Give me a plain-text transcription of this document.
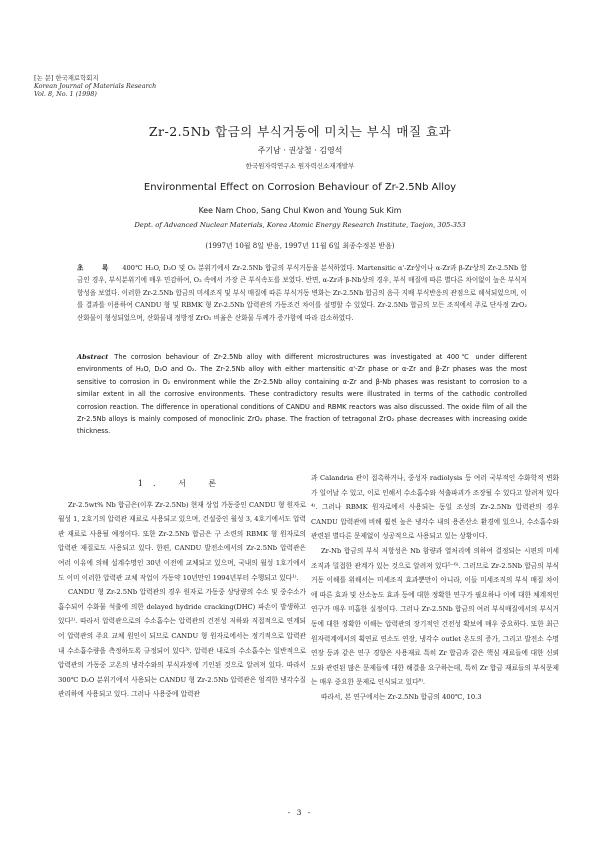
[논 문] 한국재료학회지
Korean Journal of Materials Research
Vol. 8, No. 1 (1998)
Zr-2.5Nb 합금의 부식거동에 미치는 부식 매질 효과
주기남 · 권상철 · 김영석
한국원자력연구소 원자력신소재개발부
Environmental Effect on Corrosion Behaviour of Zr-2.5Nb Alloy
Kee Nam Choo, Sang Chul Kwon and Young Suk Kim
Dept. of Advanced Nuclear Materials, Korea Atomic Energy Research Institute, Taejon, 305-353
(1997년 10월 8일 받음, 1997년 11월 6일 최종수정본 받음)
초 록 400℃ H₂O, D₂O 및 O₂ 분위기에서 Zr-2.5Nb 합금의 부식거동을 분석하였다. Martensitic α'-Zr상이나 α-Zr과 β-Zr상의 Zr-2.5Nb 합금인 경우, 부식분위기에 매우 민감하여, O₂ 속에서 가장 큰 부식속도를 보였다. 반면, α-Zr과 β-Nb상의 경우, 부식 매질에 따른 별다른 차이없이 높은 부식저항성을 보였다. 이러한 Zr-2.5Nb 합금의 미세조직 및 부식 매질에 따른 부식거동 변화는 Zr-2.5Nb 합금의 음극 지배 부식반응의 관점으로 해석되었으며, 이를 결과를 이용하여 CANDU 형 및 RBMK 형 Zr-2.5Nb 압력관의 가동조건 차이를 설명할 수 있었다. Zr-2.5Nb 합금의 모든 조직에서 주로 단사정 ZrO₂ 산화물이 형성되었으며, 산화물내 정방정 ZrO₂ 비율은 산화물 두께가 증가함에 따라 감소하였다.
Abstract The corrosion behaviour of Zr-2.5Nb alloy with different microstructures was investigated at 400℃ under different environments of H₂O, D₂O and O₂. The Zr-2.5Nb alloy with either martensitic α'-Zr phase or α-Zr and β-Zr phases was the most sensitive to corrosion in O₂ environment while the Zr-2.5Nb alloy containing α-Zr and β-Nb phases was resistant to corrosion to a similar extent in all the corrosive environments. These contradictory results were illustrated in terms of the cathodic controlled corrosion reaction. The difference in operational conditions of CANDU and RBMK reactors was also discussed. The oxide film of all the Zr-2.5Nb alloys is mainly composed of monoclinic ZrO₂ phase. The fraction of tetragonal ZrO₂ phase decreases with increasing oxide thickness.
1. 서 론

Zr-2.5wt% Nb 합금은(이후 Zr-2.5Nb) 현재 상업 가동중인 CANDU 형 원자로 월성 1, 2호기의 압력관 재료로 사용되고 있으며, 건설중인 월성 3, 4호기에서도 압력관 재료로 사용될 예정이다. 또한 Zr-2.5Nb 합금은 구 소련의 RBMK 형 원자로의 압력관 재질로도 사용되고 있다. 한편, CANDU 발전소에서의 Zr-2.5Nb 압력관은 여러 이유에 의해 설계수명인 30년 이전에 교체되고 있으며, 국내의 월성 1호기에서도 이미 이러한 압력관 교체 작업이 가동약 10년만인 1994년부터 수행되고 있다¹⁾.

CANDU 형 Zr-2.5Nb 압력관의 경우 원자로 가동중 상당량의 수소 및 중수소가 흡수되어 수화물 석출에 의한 delayed hydride cracking(DHC) 파손이 발생하고 있다²⁾. 따라서 압력관으로의 수소흡수는 압력관의 건전성 저하와 직접적으로 연계되어 압력관의 주요 교체 원인이 되므로 CANDU 형 원자로에서는 정기적으로 압력관내 수소흡수량을 측정하도록 규정되어 있다³⁾. 압력관 내로의 수소흡수는 일반적으로 압력관의 가동중 고온의 냉각수와의 부식과정에 기인된 것으로 알려져 있다. 따라서 300℃ D₂O 분위기에서 사용되는 CANDU 형 Zr-2.5Nb 압력관은 엄격한 냉각수질 관리하에 사용되고 있다. 그러나 사용중에 압력관

과 Calandria 관이 접촉하거나, 중성자 radiolysis 등 여러 국부적인 수화학적 변화가 일어날 수 있고, 이로 인해서 수소흡수와 석출파괴가 조장될 수 있다고 알려져 있다⁴⁾. 그러나 RBMK 원자로에서 사용되는 동일 조성의 Zr-2.5Nb 압력관의 경우 CANDU 압력관에 비해 훨씬 높은 냉각수 내의 용존산소 환경에 있으나, 수소흡수와 관련된 별다른 문제없이 성공적으로 사용되고 있는 상황이다.

Zr-Nb 합금의 부식 저항성은 Nb 함량과 열처리에 의하여 결정되는 시편의 미세조직과 밀접한 관계가 있는 것으로 알려져 있다⁵⁻⁶⁾. 그러므로 Zr-2.5Nb 합금의 부식거동 이해를 위해서는 미세조직 효과뿐만이 아니라, 이들 미세조직의 부식 매질 차이에 따른 효과 및 산소농도 효과 등에 대한 정확한 연구가 필요하나 이에 대한 체계적인 연구가 매우 미흡한 실정이다. 그러나 Zr-2.5Nb 합금의 여러 부식매질에서의 부식거동에 대한 정확한 이해는 압력관의 장기적인 건전성 확보에 매우 중요하다. 또한 최근 원자력계에서의 획연료 연소도 연장, 냉각수 outlet 온도의 증가, 그리고 발전소 수명연장 등과 같은 연구 경향은 사용재료 특히 Zr 합금과 같은 핵심 재료들에 대한 신뢰도와 관련된 많은 문제들에 대한 해결을 요구하는데, 특히 Zr 합금 재료들의 부식문제는 매우 중요한 문제로 인식되고 있다⁸⁾.

따라서, 본 연구에서는 Zr-2.5Nb 합금의 400℃, 10.3

- 3 -
